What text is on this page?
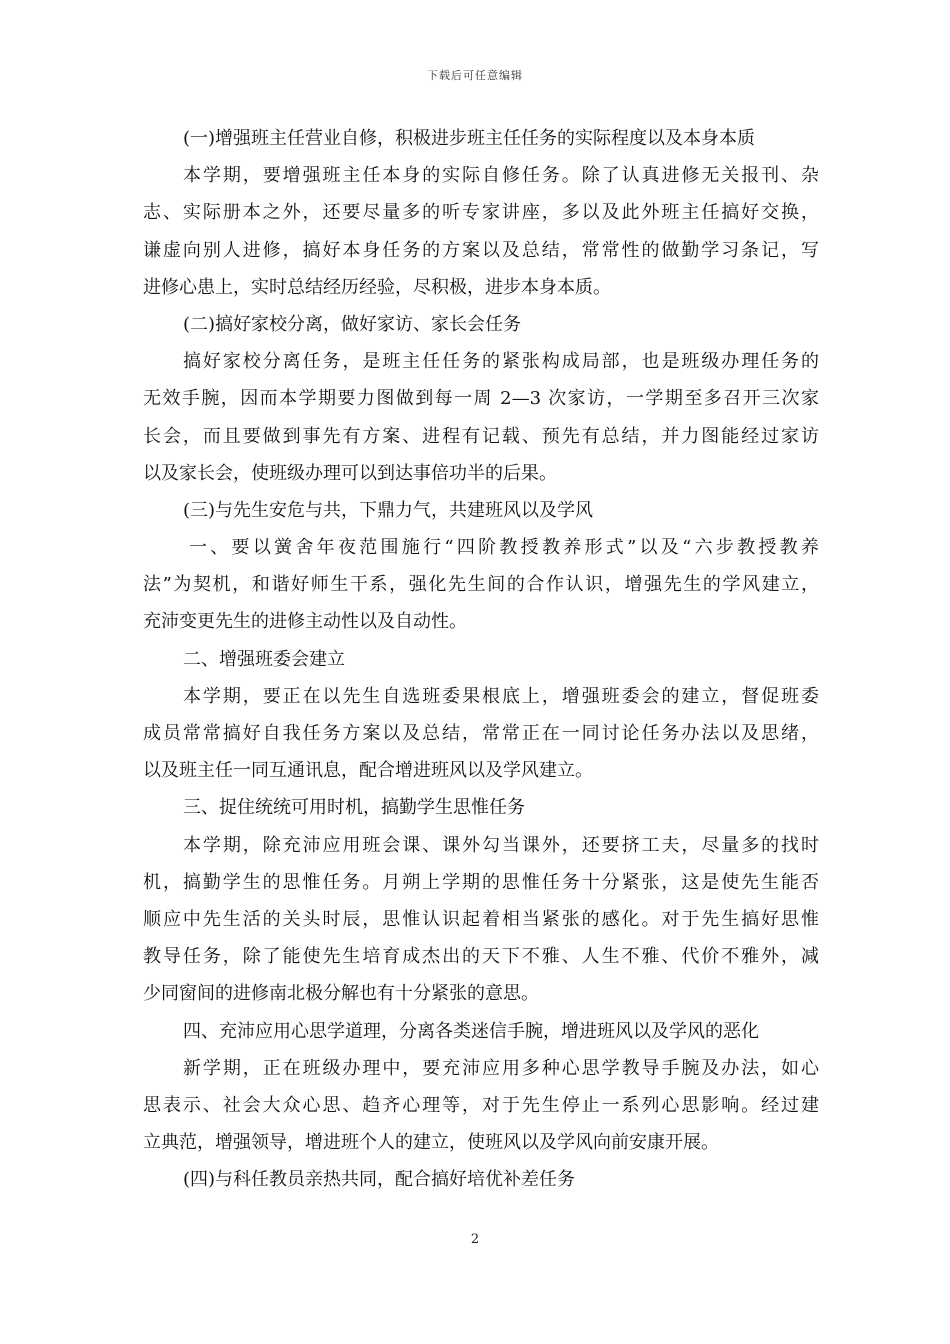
下载后可任意编辑
(一)增强班主任营业自修，积极进步班主任任务的实际程度以及本身本质
本学期，要增强班主任本身的实际自修任务。除了认真进修无关报刊、杂
志、实际册本之外，还要尽量多的听专家讲座，多以及此外班主任搞好交换，
谦虚向别人进修，搞好本身任务的方案以及总结，常常性的做勤学习条记，写
进修心患上，实时总结经历经验，尽积极，进步本身本质。
(二)搞好家校分离，做好家访、家长会任务
搞好家校分离任务，是班主任任务的紧张构成局部，也是班级办理任务的
无效手腕，因而本学期要力图做到每一周 2—3 次家访，一学期至多召开三次家
长会，而且要做到事先有方案、进程有记载、预先有总结，并力图能经过家访
以及家长会，使班级办理可以到达事倍功半的后果。
(三)与先生安危与共，下鼎力气，共建班风以及学风
一、要以黉舍年夜范围施行“四阶教授教养形式”以及“六步教授教养
法”为契机，和谐好师生干系，强化先生间的合作认识，增强先生的学风建立，
充沛变更先生的进修主动性以及自动性。
二、增强班委会建立
本学期，要正在以先生自选班委果根底上，增强班委会的建立，督促班委
成员常常搞好自我任务方案以及总结，常常正在一同讨论任务办法以及思绪，
以及班主任一同互通讯息，配合增进班风以及学风建立。
三、捉住统统可用时机，搞勤学生思惟任务
本学期，除充沛应用班会课、课外勾当课外，还要挤工夫，尽量多的找时
机，搞勤学生的思惟任务。月朔上学期的思惟任务十分紧张，这是使先生能否
顺应中先生活的关头时辰，思惟认识起着相当紧张的感化。对于先生搞好思惟
教导任务，除了能使先生培育成杰出的天下不雅、人生不雅、代价不雅外，减
少同窗间的进修南北极分解也有十分紧张的意思。
四、充沛应用心思学道理，分离各类迷信手腕，增进班风以及学风的恶化
新学期，正在班级办理中，要充沛应用多种心思学教导手腕及办法，如心
思表示、社会大众心思、趋齐心理等，对于先生停止一系列心思影响。经过建
立典范，增强领导，增进班个人的建立，使班风以及学风向前安康开展。
(四)与科任教员亲热共同，配合搞好培优补差任务
2
